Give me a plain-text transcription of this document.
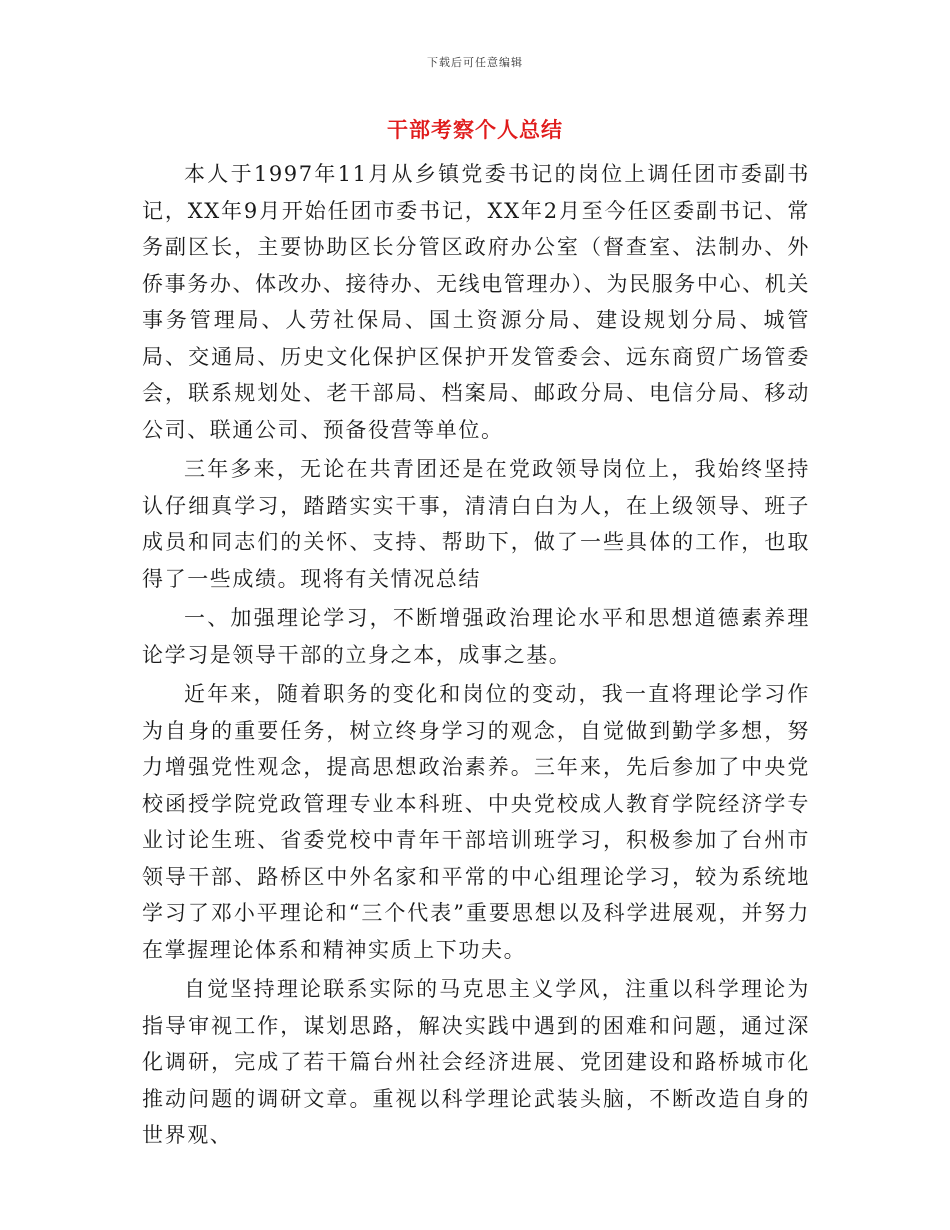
下载后可任意编辑
干部考察个人总结

本人于1997年11月从乡镇党委书记的岗位上调任团市委副书记，XX年9月开始任团市委书记，XX年2月至今任区委副书记、常务副区长，主要协助区长分管区政府办公室（督查室、法制办、外侨事务办、体改办、接待办、无线电管理办）、为民服务中心、机关事务管理局、人劳社保局、国土资源分局、建设规划分局、城管局、交通局、历史文化保护区保护开发管委会、远东商贸广场管委会，联系规划处、老干部局、档案局、邮政分局、电信分局、移动公司、联通公司、预备役营等单位。

三年多来，无论在共青团还是在党政领导岗位上，我始终坚持认仔细真学习，踏踏实实干事，清清白白为人，在上级领导、班子成员和同志们的关怀、支持、帮助下，做了一些具体的工作，也取得了一些成绩。现将有关情况总结

一、加强理论学习，不断增强政治理论水平和思想道德素养理论学习是领导干部的立身之本，成事之基。

近年来，随着职务的变化和岗位的变动，我一直将理论学习作为自身的重要任务，树立终身学习的观念，自觉做到勤学多想，努力增强党性观念，提高思想政治素养。三年来，先后参加了中央党校函授学院党政管理专业本科班、中央党校成人教育学院经济学专业讨论生班、省委党校中青年干部培训班学习，积极参加了台州市领导干部、路桥区中外名家和平常的中心组理论学习，较为系统地学习了邓小平理论和“三个代表”重要思想以及科学进展观，并努力在掌握理论体系和精神实质上下功夫。

自觉坚持理论联系实际的马克思主义学风，注重以科学理论为指导审视工作，谋划思路，解决实践中遇到的困难和问题，通过深化调研，完成了若干篇台州社会经济进展、党团建设和路桥城市化推动问题的调研文章。重视以科学理论武装头脑，不断改造自身的世界观、
